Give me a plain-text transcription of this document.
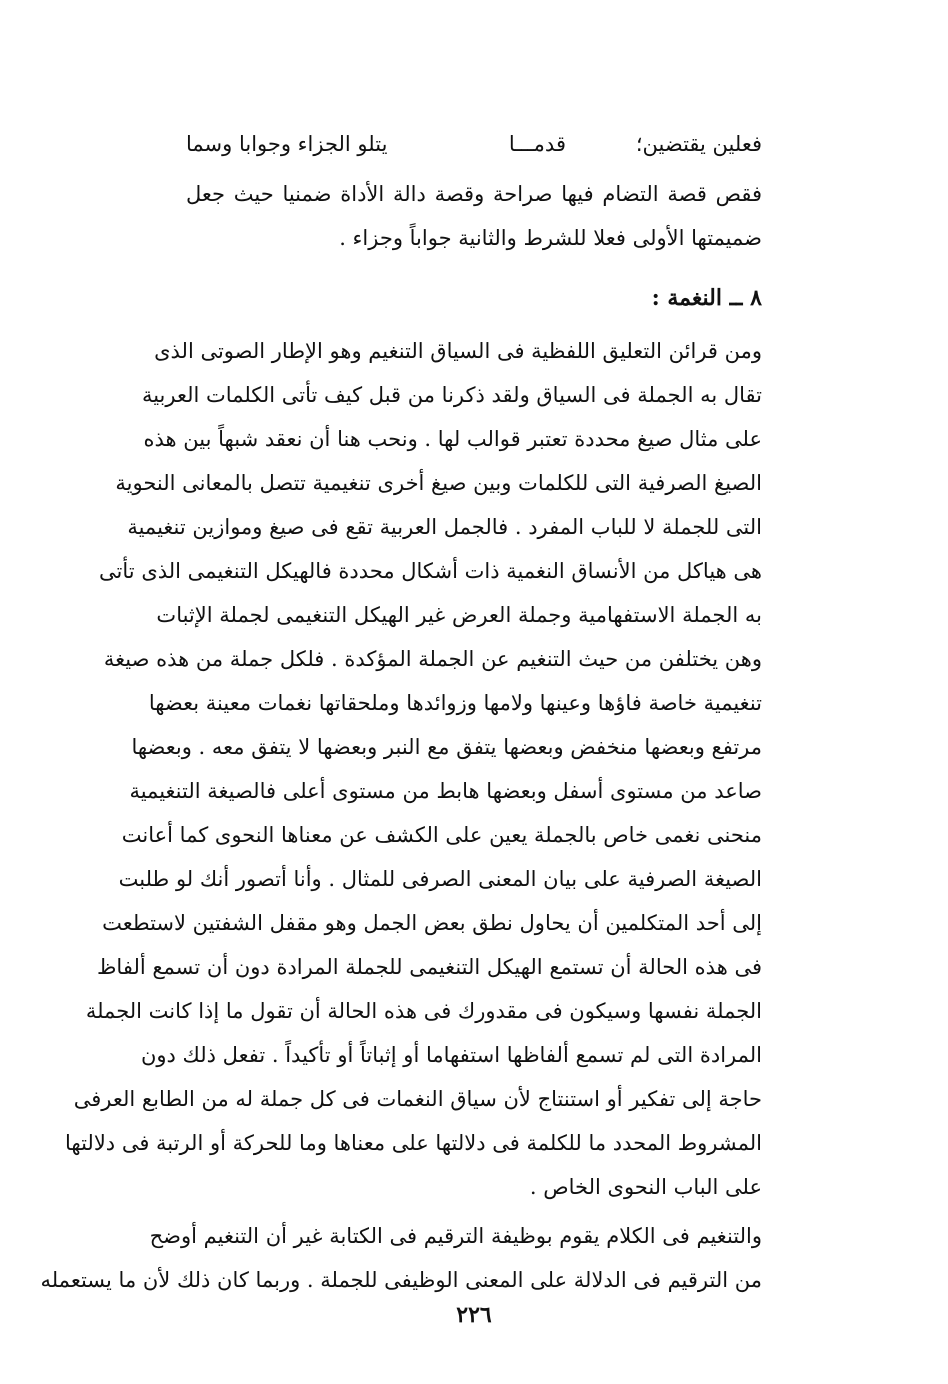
فعلين يقتضين؛
قدمـــا
يتلو الجزاء وجوابا وسما
فقص قصة التضام فيها صراحة وقصة دالة الأداة ضمنيا حيث جعل
ضميمتها الأولى فعلا للشرط والثانية جواباً وجزاء .
٨ ــ النغمة :
ومن قرائن التعليق اللفظية فى السياق التنغيم وهو الإطار الصوتى الذى
تقال به الجملة فى السياق ولقد ذكرنا من قبل كيف تأتى الكلمات العربية
على مثال صيغ محددة تعتبر قوالب لها . ونحب هنا أن نعقد شبهاً بين هذه
الصيغ الصرفية التى للكلمات وبين صيغ أخرى تنغيمية تتصل بالمعانى النحوية
التى للجملة لا للباب المفرد . فالجمل العربية تقع فى صيغ وموازين تنغيمية
هى هياكل من الأنساق النغمية ذات أشكال محددة فالهيكل التنغيمى الذى تأتى
به الجملة الاستفهامية وجملة العرض غير الهيكل التنغيمى لجملة الإثبات
وهن يختلفن من حيث التنغيم عن الجملة المؤكدة . فلكل جملة من هذه صيغة
تنغيمية خاصة فاؤها وعينها ولامها وزوائدها وملحقاتها نغمات معينة بعضها
مرتفع وبعضها منخفض وبعضها يتفق مع النبر وبعضها لا يتفق معه . وبعضها
صاعد من مستوى أسفل وبعضها هابط من مستوى أعلى فالصيغة التنغيمية
منحنى نغمى خاص بالجملة يعين على الكشف عن معناها النحوى كما أعانت
الصيغة الصرفية على بيان المعنى الصرفى للمثال . وأنا أتصور أنك لو طلبت
إلى أحد المتكلمين أن يحاول نطق بعض الجمل وهو مقفل الشفتين لاستطعت
فى هذه الحالة أن تستمع الهيكل التنغيمى للجملة المرادة دون أن تسمع ألفاظ
الجملة نفسها وسيكون فى مقدورك فى هذه الحالة أن تقول ما إذا كانت الجملة
المرادة التى لم تسمع ألفاظها استفهاما أو إثباتاً أو تأكيداً . تفعل ذلك دون
حاجة إلى تفكير أو استنتاج لأن سياق النغمات فى كل جملة له من الطابع العرفى
المشروط المحدد ما للكلمة فى دلالتها على معناها وما للحركة أو الرتبة فى دلالتها
على الباب النحوى الخاص .
والتنغيم فى الكلام يقوم بوظيفة الترقيم فى الكتابة غير أن التنغيم أوضح
من الترقيم فى الدلالة على المعنى الوظيفى للجملة . وربما كان ذلك لأن ما يستعمله
٢٢٦
